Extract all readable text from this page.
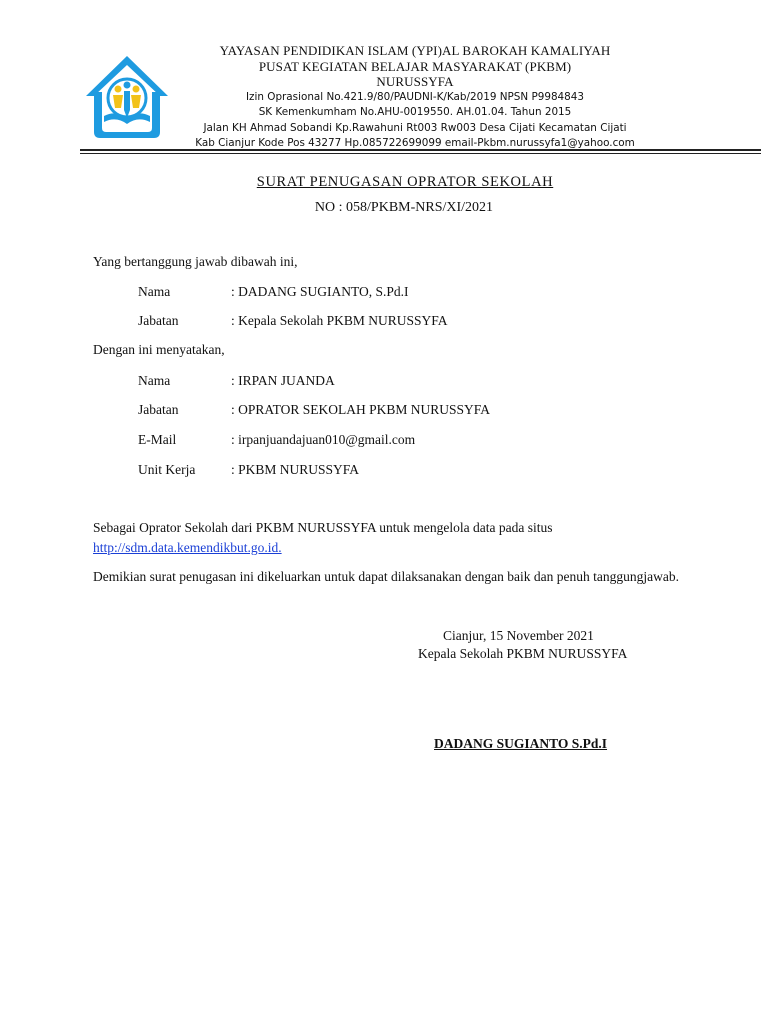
YAYASAN PENDIDIKAN ISLAM (YPI)AL BAROKAH KAMALIYAH
PUSAT KEGIATAN BELAJAR MASYARAKAT (PKBM)
NURUSSYFA
Izin Oprasional No.421.9/80/PAUDNI-K/Kab/2019 NPSN P9984843
SK Kemenkumham No.AHU-0019550. AH.01.04. Tahun 2015
Jalan KH Ahmad Sobandi Kp.Rawahuni Rt003 Rw003 Desa Cijati Kecamatan Cijati
Kab Cianjur Kode Pos 43277 Hp.085722699099 email-Pkbm.nurussyfa1@yahoo.com
SURAT PENUGASAN OPRATOR SEKOLAH
NO : 058/PKBM-NRS/XI/2021
Yang bertanggung jawab dibawah ini,
Nama	: DADANG SUGIANTO, S.Pd.I
Jabatan	: Kepala Sekolah PKBM NURUSSYFA
Dengan ini menyatakan,
Nama	: IRPAN JUANDA
Jabatan	: OPRATOR SEKOLAH PKBM NURUSSYFA
E-Mail	: irpanjuandajuan010@gmail.com
Unit Kerja	: PKBM NURUSSYFA
Sebagai Oprator Sekolah dari PKBM NURUSSYFA untuk mengelola data pada situs
http://sdm.data.kemendikbut.go.id.
Demikian surat penugasan ini dikeluarkan untuk dapat dilaksanakan dengan baik dan penuh tanggungjawab.
Cianjur, 15 November 2021
Kepala Sekolah PKBM NURUSSYFA
DADANG SUGIANTO S.Pd.I
